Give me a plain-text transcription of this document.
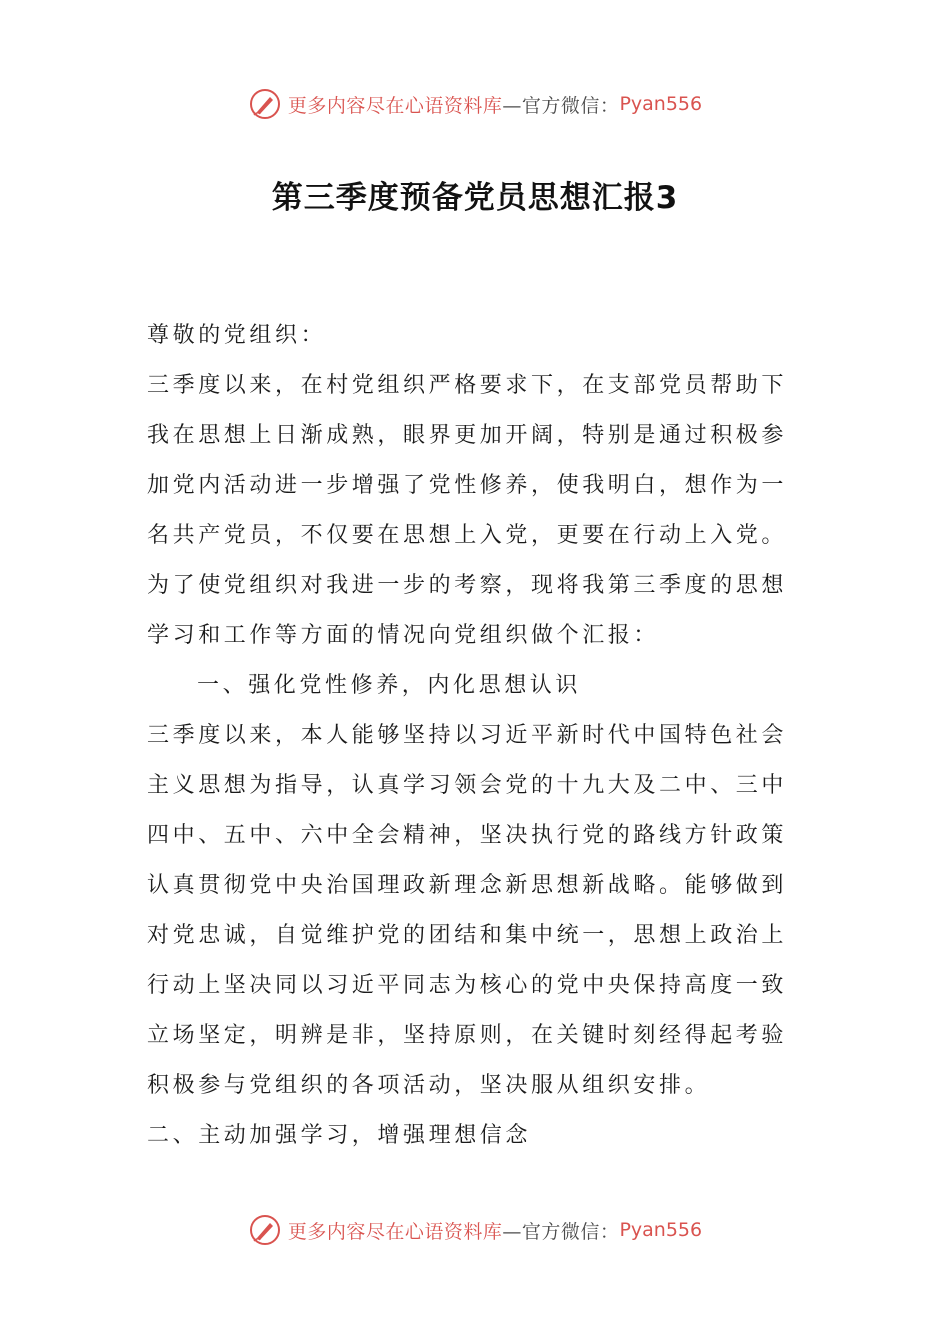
更多内容尽在心语资料库 —官方微信： Pyan556
第三季度预备党员思想汇报3
尊敬的党组织：
三季度以来，在村党组织严格要求下，在支部党员帮助下
我在思想上日渐成熟，眼界更加开阔，特别是通过积极参
加党内活动进一步增强了党性修养，使我明白，想作为一
名共产党员，不仅要在思想上入党，更要在行动上入党。
为了使党组织对我进一步的考察，现将我第三季度的思想
学习和工作等方面的情况向党组织做个汇报：
一、强化党性修养，内化思想认识
三季度以来，本人能够坚持以习近平新时代中国特色社会
主义思想为指导，认真学习领会党的十九大及二中、三中
四中、五中、六中全会精神，坚决执行党的路线方针政策
认真贯彻党中央治国理政新理念新思想新战略。能够做到
对党忠诚，自觉维护党的团结和集中统一，思想上政治上
行动上坚决同以习近平同志为核心的党中央保持高度一致
立场坚定，明辨是非，坚持原则，在关键时刻经得起考验
积极参与党组织的各项活动，坚决服从组织安排。
二、主动加强学习，增强理想信念
更多内容尽在心语资料库 —官方微信： Pyan556
